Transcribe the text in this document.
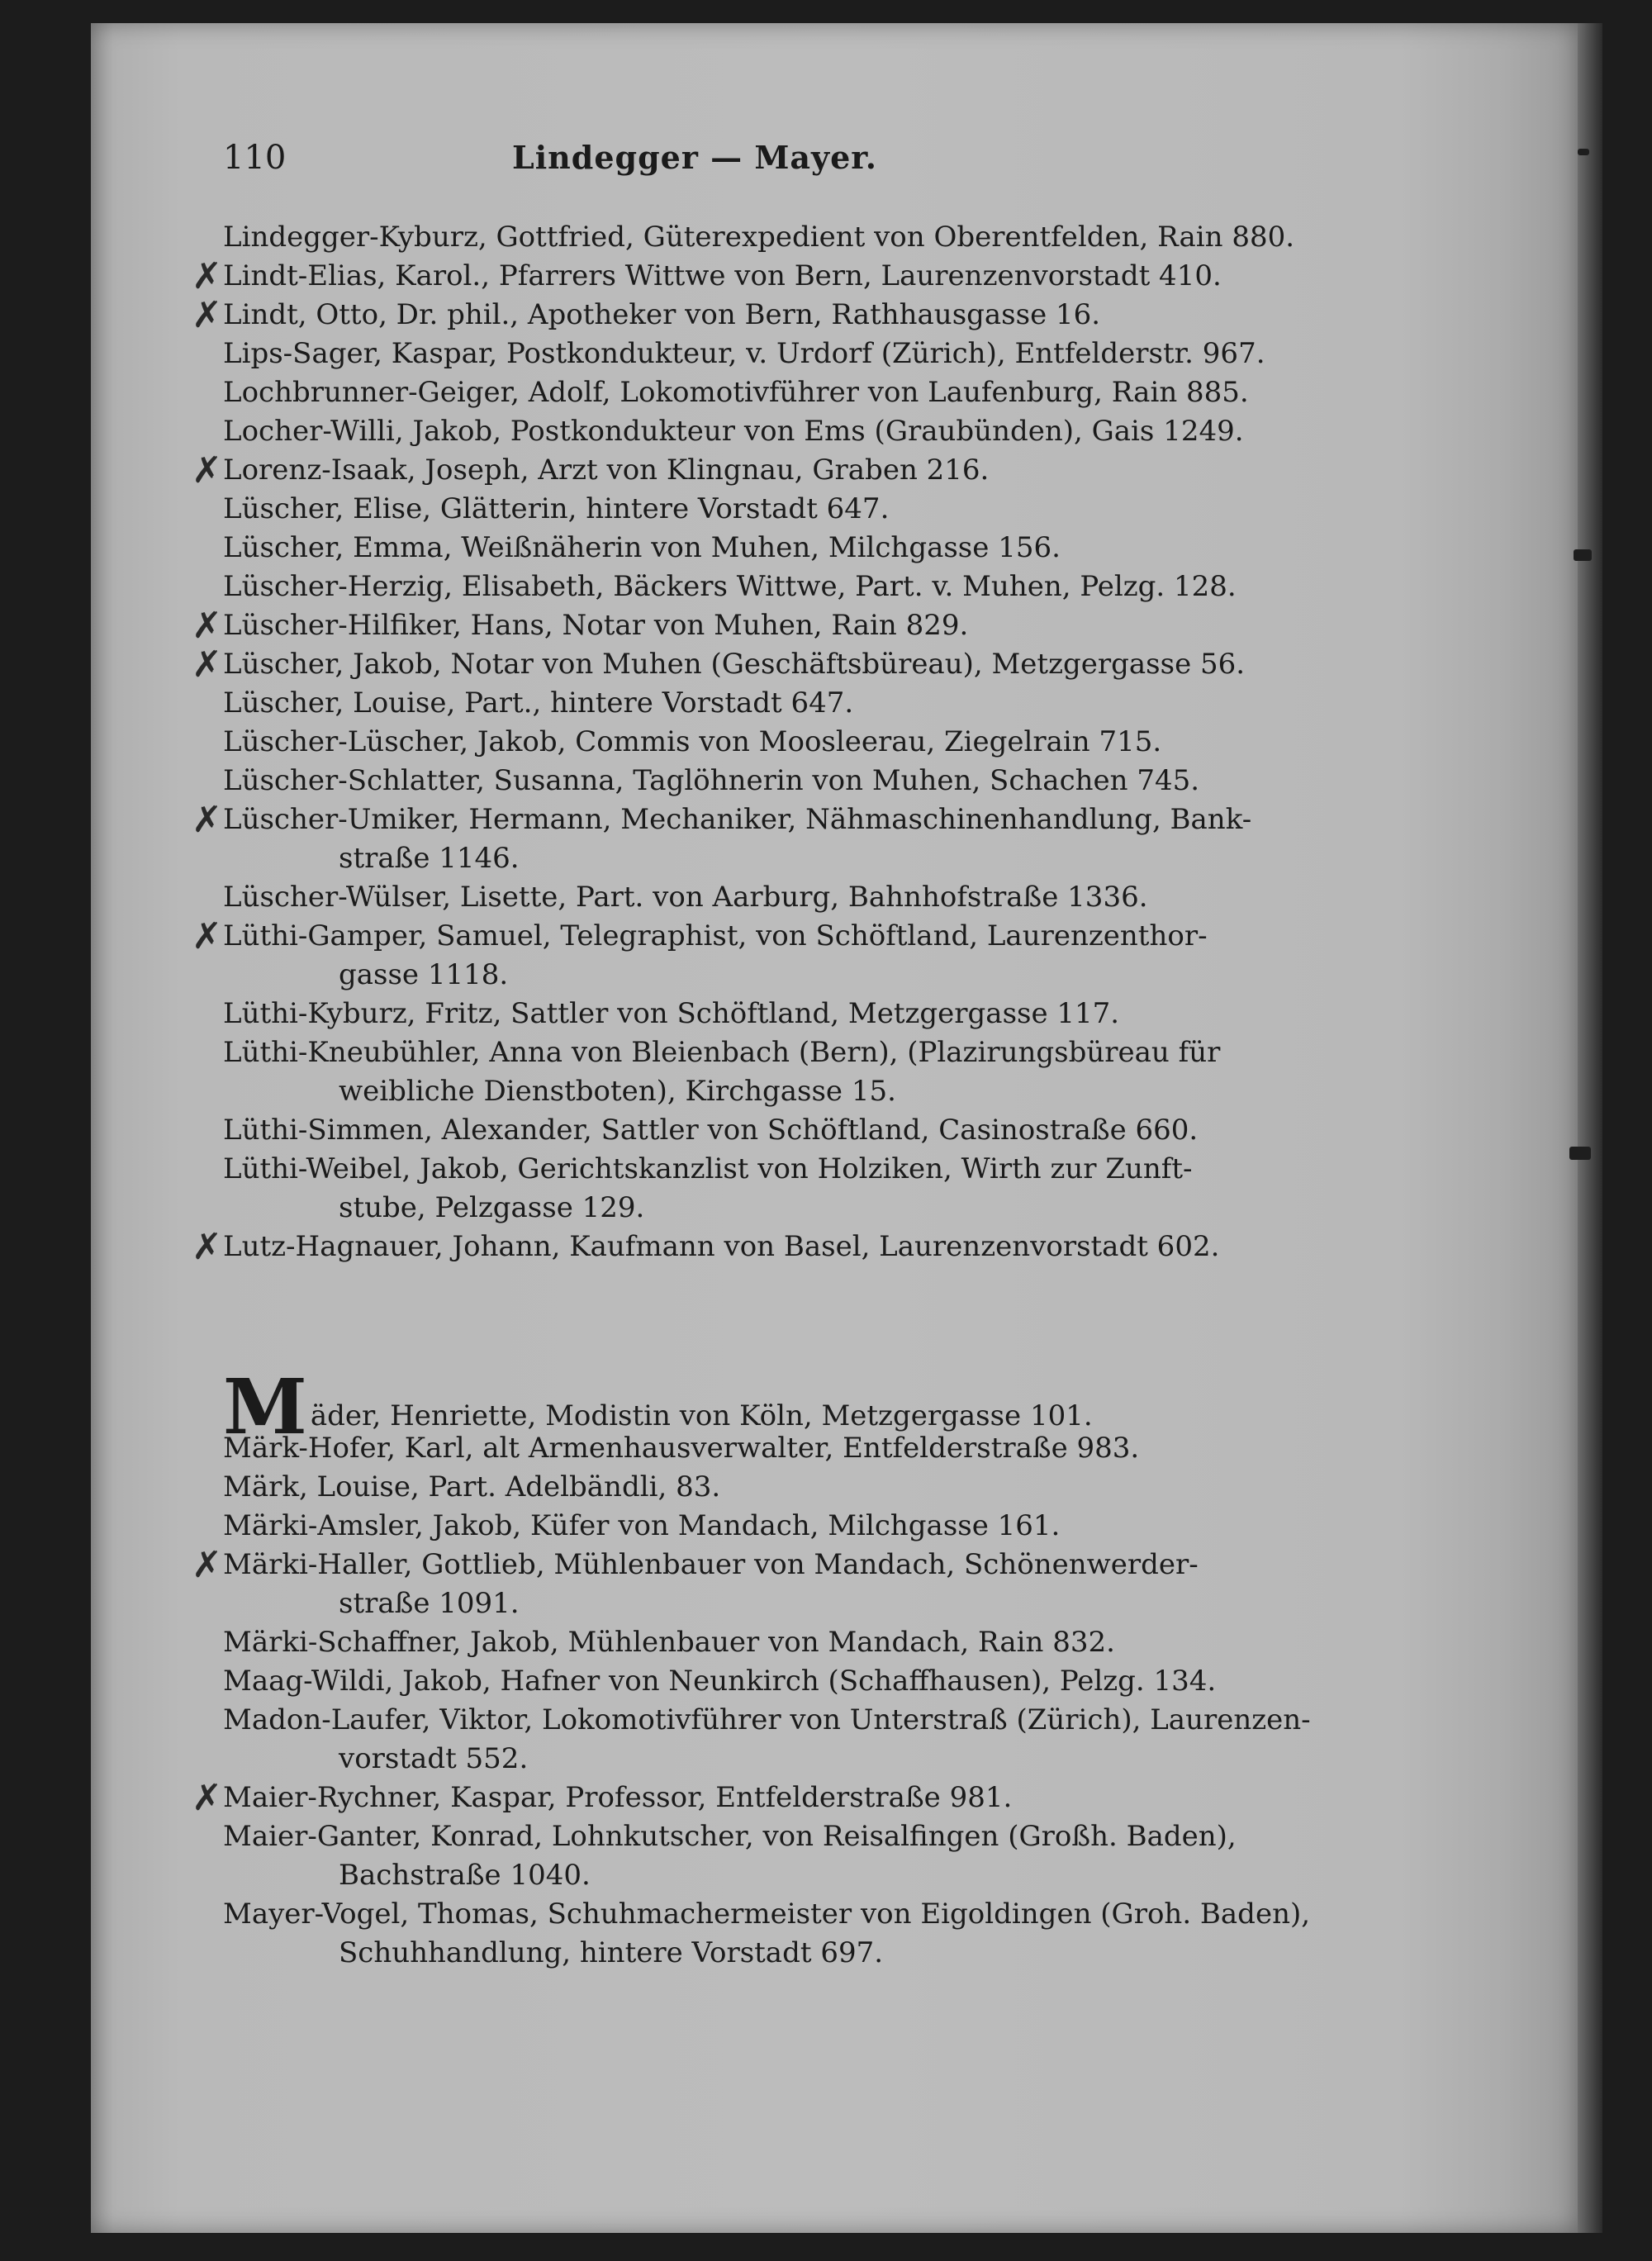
110	Lindegger — Mayer.
Lindegger-Kyburz, Gottfried, Güterexpedient von Oberentfelden, Rain 880.
✗ Lindt-Elias, Karol., Pfarrers Wittwe von Bern, Laurenzenvorstadt 410.
✗ Lindt, Otto, Dr. phil., Apotheker von Bern, Rathhausgasse 16.
Lips-Sager, Kaspar, Postkondukteur, v. Urdorf (Zürich), Entfelderstr. 967.
Lochbrunner-Geiger, Adolf, Lokomotivführer von Laufenburg, Rain 885.
Locher-Willi, Jakob, Postkondukteur von Ems (Graubünden), Gais 1249.
✗ Lorenz-Isaak, Joseph, Arzt von Klingnau, Graben 216.
Lüscher, Elise, Glätterin, hintere Vorstadt 647.
Lüscher, Emma, Weißnäherin von Muhen, Milchgasse 156.
Lüscher-Herzig, Elisabeth, Bäckers Wittwe, Part. v. Muhen, Pelzg. 128.
✗ Lüscher-Hilfiker, Hans, Notar von Muhen, Rain 829.
✗ Lüscher, Jakob, Notar von Muhen (Geschäftsbüreau), Metzgergasse 56.
Lüscher, Louise, Part., hintere Vorstadt 647.
Lüscher-Lüscher, Jakob, Commis von Moosleerau, Ziegelrain 715.
Lüscher-Schlatter, Susanna, Taglöhnerin von Muhen, Schachen 745.
✗ Lüscher-Umiker, Hermann, Mechaniker, Nähmaschinenhandlung, Bank-
straße 1146.
Lüscher-Wülser, Lisette, Part. von Aarburg, Bahnhofstraße 1336.
✗ Lüthi-Gamper, Samuel, Telegraphist, von Schöftland, Laurenzenthor-
gasse 1118.
Lüthi-Kyburz, Fritz, Sattler von Schöftland, Metzgergasse 117.
Lüthi-Kneubühler, Anna von Bleienbach (Bern), (Plazirungsbüreau für
weibliche Dienstboten), Kirchgasse 15.
Lüthi-Simmen, Alexander, Sattler von Schöftland, Casinostraße 660.
Lüthi-Weibel, Jakob, Gerichtskanzlist von Holziken, Wirth zur Zunft-
stube, Pelzgasse 129.
✗ Lutz-Hagnauer, Johann, Kaufmann von Basel, Laurenzenvorstadt 602.
Mäder, Henriette, Modistin von Köln, Metzgergasse 101.
Märk-Hofer, Karl, alt Armenhausverwalter, Entfelderstraße 983.
Märk, Louise, Part. Adelbändli, 83.
Märki-Amsler, Jakob, Küfer von Mandach, Milchgasse 161.
✗ Märki-Haller, Gottlieb, Mühlenbauer von Mandach, Schönenwerder-
straße 1091.
Märki-Schaffner, Jakob, Mühlenbauer von Mandach, Rain 832.
Maag-Wildi, Jakob, Hafner von Neunkirch (Schaffhausen), Pelzg. 134.
Madon-Laufer, Viktor, Lokomotivführer von Unterstraß (Zürich), Laurenzen-
vorstadt 552.
✗ Maier-Rychner, Kaspar, Professor, Entfelderstraße 981.
Maier-Ganter, Konrad, Lohnkutscher, von Reisalfingen (Großh. Baden),
Bachstraße 1040.
Mayer-Vogel, Thomas, Schuhmachermeister von Eigoldingen (Groh. Baden),
Schuhhandlung, hintere Vorstadt 697.
